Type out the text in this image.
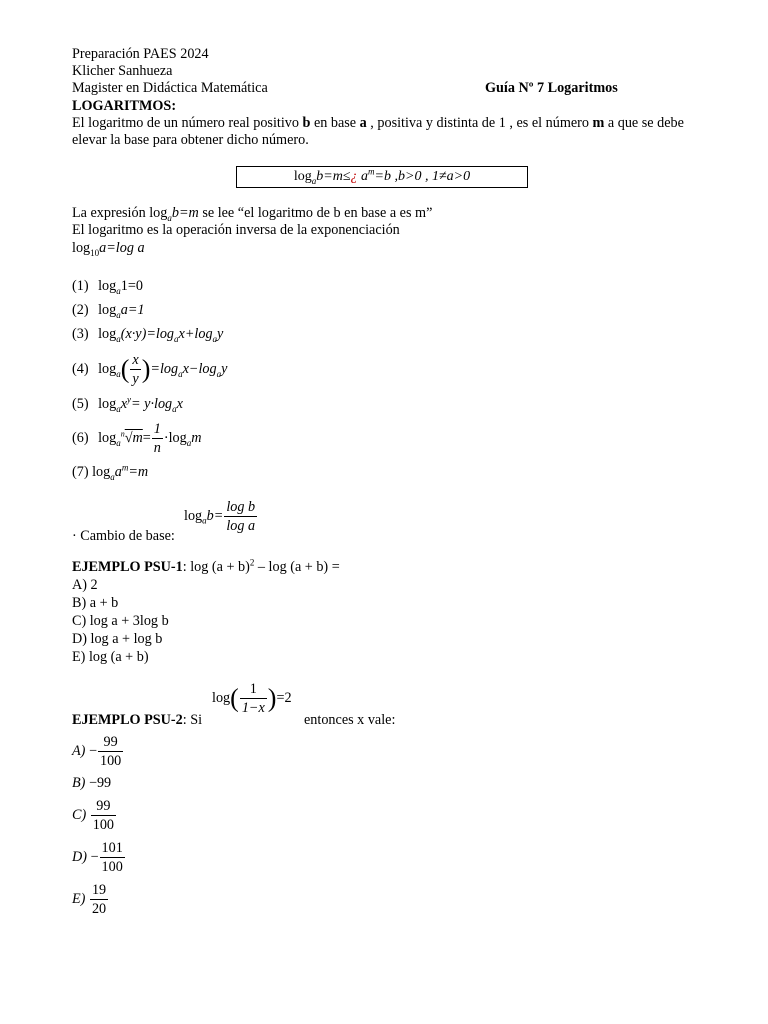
Preparación PAES 2024
Klicher Sanhueza
Magister en Didáctica Matemática	Guía Nº 7 Logaritmos
LOGARITMOS:
El logaritmo de un número real positivo b en base a , positiva y distinta de 1 , es el número m a que se debe elevar la base para obtener dicho número.
$\log_ab=m\le¿$ $a^m=b$ ,b>0 , 1≠a>0
La expresión $\log_ab=m$ se lee “el logaritmo de b en base a es m”
El logaritmo es la operación inversa de la exponenciación
$\log_{10}a=\log$ a
(1) $\log_a1=0$
(2) $\log_aa=1$
(3) $\log_a(x\cdot y)=\log_ax+\log_ay$
(4) $\log_a( \frac{x}{y} )=\log_ax-\log_ay$
(5) $\log_ax^y= y\cdot\log_ax$
(6) $\log_a^n√m= \frac{1}{n} \cdot\log_am$
(7) $\log_aa^m=m$
· Cambio de base:
$\log_ab= \frac{\text{log b}}{\text{log a}}$
EJEMPLO PSU-1: $\log (a + b)^2 - \log (a + b)$ =
A) 2
B) a + b
C) log a + 3log b
D) log a + log b
E) log (a + b)
EJEMPLO PSU-2: Si
$\log( \frac{1}{1-x} )=2$
entonces x vale:
$A) - \frac{99}{100}$
B) −99
$C) \frac{99}{100}$
$D) - \frac{101}{100}$
$E) \frac{19}{20}$
